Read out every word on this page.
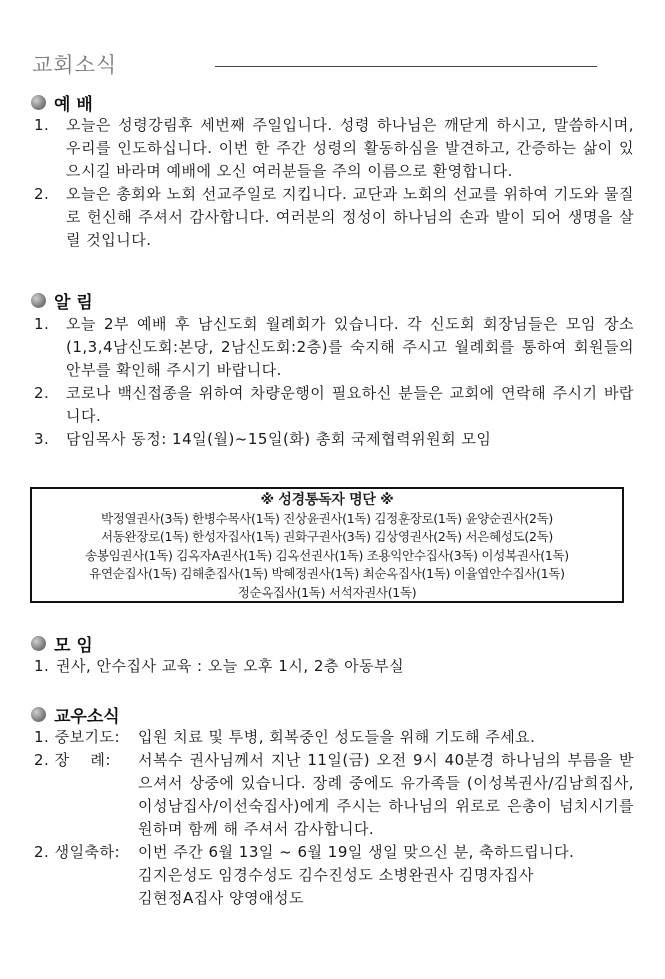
교회소식
예 배
1.	오늘은 성령강림후 세번째 주일입니다. 성령 하나님은 깨닫게 하시고, 말씀하시며, 우리를 인도하십니다. 이번 한 주간 성령의 활동하심을 발견하고, 간증하는 삶이 있으시길 바라며 예배에 오신 여러분들을 주의 이름으로 환영합니다.
2.	오늘은 총회와 노회 선교주일로 지킵니다. 교단과 노회의 선교를 위하여 기도와 물질로 헌신해 주셔서 감사합니다. 여러분의 정성이 하나님의 손과 발이 되어 생명을 살릴 것입니다.
알 림
1.	오늘 2부 예배 후 남신도회 월례회가 있습니다. 각 신도회 회장님들은 모임 장소(1,3,4남신도회:본당, 2남신도회:2층)를 숙지해 주시고 월례회를 통하여 회원들의 안부를 확인해 주시기 바랍니다.
2.	코로나 백신접종을 위하여 차량운행이 필요하신 분들은 교회에 연락해 주시기 바랍니다.
3.	담임목사 동정: 14일(월)~15일(화) 총회 국제협력위원회 모임
※ 성경통독자 명단 ※
박정열권사(3독) 한병수목사(1독) 진상윤권사(1독) 김정훈장로(1독) 윤양순권사(2독)
서동완장로(1독) 한성자집사(1독) 권화구권사(3독) 김상영권사(2독) 서은혜성도(2독)
송봉임권사(1독) 김옥자A권사(1독) 김옥선권사(1독) 조용익안수집사(3독) 이성복권사(1독)
유연순집사(1독) 김해춘집사(1독) 박혜정권사(1독) 최순옥집사(1독) 이율엽안수집사(1독)
정순옥집사(1독) 서석자권사(1독)
모 임
1. 권사, 안수집사 교육 : 오늘 오후 1시, 2층 아동부실
교우소식
1. 중보기도:	입원 치료 및 투병, 회복중인 성도들을 위해 기도해 주세요.
2. 장　 례:	서복수 권사님께서 지난 11일(금) 오전 9시 40분경 하나님의 부름을 받으셔서 상중에 있습니다. 장례 중에도 유가족들 (이성복권사/김남희집사, 이성남집사/이선숙집사)에게 주시는 하나님의 위로로 은총이 넘치시기를 원하며 함께 해 주셔서 감사합니다.
2. 생일축하:	이번 주간 6월 13일 ~ 6월 19일 생일 맞으신 분, 축하드립니다.
김지은성도 임경수성도 김수진성도 소병완권사 김명자집사
김현정A집사 양영애성도
